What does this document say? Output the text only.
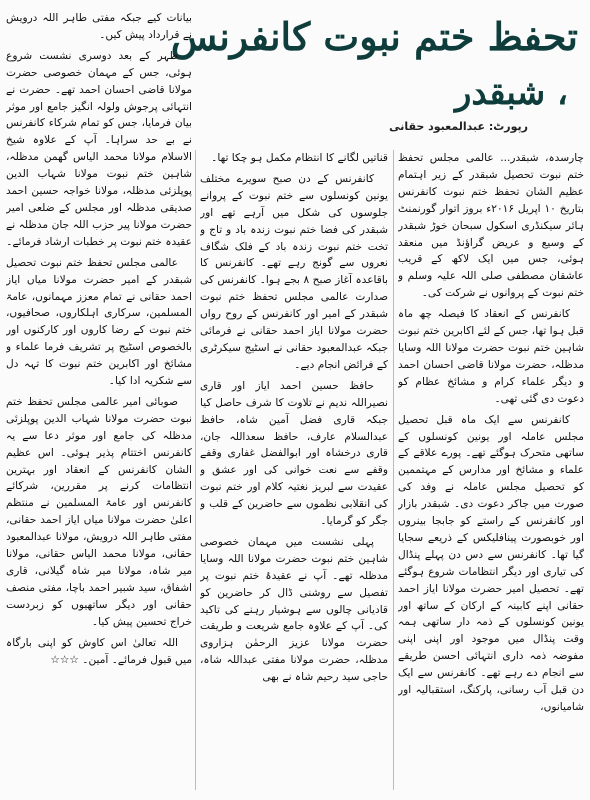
تحفظ ختم نبوت کانفرنس
، شبقدر
رپورٹ: عبدالمعبود حقانی

چارسدہ، شبقدر... عالمی مجلس تحفظ ختم نبوت تحصیل شبقدر کے زیر اہتمام عظیم الشان تحفظ ختم نبوت کانفرنس بتاریخ ۱۰ اپریل ۲۰۱۶ء بروز اتوار گورنمنٹ ہائر سیکنڈری اسکول سبحان خوڑ شبقدر کے وسیع و عریض گراؤنڈ میں منعقد ہوئی، جس میں ایک لاکھ کے قریب عاشقان مصطفی صلی اللہ علیہ وسلم و ختم نبوت کے پروانوں نے شرکت کی۔

کانفرنس کے انعقاد کا فیصلہ چھ ماہ قبل ہوا تھا، جس کے لئے اکابرین ختم نبوت شاہین ختم نبوت حضرت مولانا اللہ وسایا مدظلہ، حضرت مولانا قاضی احسان احمد و دیگر علماء کرام و مشائخ عظام کو دعوت دی گئی تھی۔

کانفرنس سے ایک ماہ قبل تحصیل مجلس عاملہ اور یونین کونسلوں کے ساتھی متحرک ہوگئے تھے۔ پورے علاقے کے علماء و مشائخ اور مدارس کے مہتممین کو تحصیل مجلس عاملہ نے وفد کی صورت میں جاکر دعوت دی۔ شبقدر بازار اور کانفرنس کے راستے کو جابجا بینروں اور خوبصورت پینافلیکس کے ذریعے سجایا گیا تھا۔ کانفرنس سے دس دن پہلے پنڈال کی تیاری اور دیگر انتظامات شروع ہوگئے تھے۔ تحصیل امیر حضرت مولانا ایاز احمد حقانی اپنے کابینہ کے ارکان کے ساتھ اور یونین کونسلوں کے ذمہ دار ساتھی ہمہ وقت پنڈال میں موجود اور اپنی اپنی مفوضہ ذمہ داری انتہائی احسن طریقے سے انجام دے رہے تھے۔ کانفرنس سے ایک دن قبل آب رسانی، پارکنگ، استقبالیہ اور شامیانوں،

قناتیں لگانے کا انتظام مکمل ہو چکا تھا۔

کانفرنس کے دن صبح سویرے مختلف یونین کونسلوں سے ختم نبوت کے پروانے جلوسوں کی شکل میں آرہے تھے اور شبقدر کی فضا ختم نبوت زندہ باد و تاج و تخت ختم نبوت زندہ باد کے فلک شگاف نعروں سے گونج رہے تھے۔ کانفرنس کا باقاعدہ آغاز صبح ۸ بجے ہوا۔ کانفرنس کی صدارت عالمی مجلس تحفظ ختم نبوت شبقدر کے امیر اور کانفرنس کے روح رواں حضرت مولانا ایاز احمد حقانی نے فرمائی جبکہ عبدالمعبود حقانی نے اسٹیج سیکرٹری کے فرائض انجام دیے۔

حافظ حسین احمد ایاز اور قاری نصیراللہ ندیم نے تلاوت کا شرف حاصل کیا جبکہ قاری فضل آمین شاہ، حافظ عبدالسلام عارف، حافظ سعداللہ جان، قاری درخشاہ اور ابوالفضل غفاری وقفے وقفے سے نعت خوانی کی اور عشق و عقیدت سے لبریز نغتیہ کلام اور ختم نبوت کی انقلابی نظموں سے حاضرین کے قلب و جگر کو گرمایا۔

پہلی نشست میں مہمان خصوصی شاہین ختم نبوت حضرت مولانا اللہ وسایا مدظلہ تھے۔ آپ نے عقیدۂ ختم نبوت پر تفصیل سے روشنی ڈال کر حاضرین کو قادیانی چالوں سے ہوشیار رہنے کی تاکید کی۔ آپ کے علاوہ جامع شریعت و طریقت حضرت مولانا عزیز الرحمٰن ہزاروی مدظلہ، حضرت مولانا مفتی عبداللہ شاہ، حاجی سید رحیم شاہ نے بھی

بیانات کیے جبکہ مفتی طاہر اللہ درویش نے قرارداد پیش کیں۔

ظہر کے بعد دوسری نشست شروع ہوئی، جس کے مہمان خصوصی حضرت مولانا قاضی احسان احمد تھے۔ حضرت نے انتہائی پرجوش ولولہ انگیز جامع اور موثر بیان فرمایا، جس کو تمام شرکاء کانفرنس نے بے حد سراہا۔ آپ کے علاوہ شیخ الاسلام مولانا محمد الیاس گھمن مدظلہ، شاہین ختم نبوت مولانا شہاب الدین پوپلزئی مدظلہ، مولانا خواجہ حسین احمد صدیقی مدظلہ اور مجلس کے ضلعی امیر حضرت مولانا پیر حزب اللہ جان مدظلہ نے عقیدہ ختم نبوت پر خطبات ارشاد فرمائے۔

عالمی مجلس تحفظ ختم نبوت تحصیل شبقدر کے امیر حضرت مولانا میاں ایاز احمد حقانی نے تمام معزز مہمانوں، عامۃ المسلمین، سرکاری اہلکاروں، صحافیوں، ختم نبوت کے رضا کاروں اور کارکنوں اور بالخصوص اسٹیج پر تشریف فرما علماء و مشائخ اور اکابرین ختم نبوت کا تہہ دل سے شکریہ ادا کیا۔

صوبائی امیر عالمی مجلس تحفظ ختم نبوت حضرت مولانا شہاب الدین پوپلزئی مدظلہ کی جامع اور موثر دعا سے یہ کانفرنس اختتام پذیر ہوئی۔ اس عظیم الشان کانفرنس کے انعقاد اور بہترین انتظامات کرنے پر مقررین، شرکائے کانفرنس اور عامۃ المسلمین نے منتظم اعلیٰ حضرت مولانا میاں ایاز احمد حقانی، مفتی طاہر اللہ درویش، مولانا عبدالمعبود حقانی، مولانا محمد الیاس حقانی، مولانا میر شاہ، مولانا میر شاہ گیلانی، قاری اشفاق، سید شبیر احمد باچا، مفتی منصف حقانی اور دیگر ساتھیوں کو زبردست خراج تحسین پیش کیا۔

اللہ تعالیٰ اس کاوش کو اپنی بارگاہ میں قبول فرمائے۔ آمین۔ ☆☆☆
